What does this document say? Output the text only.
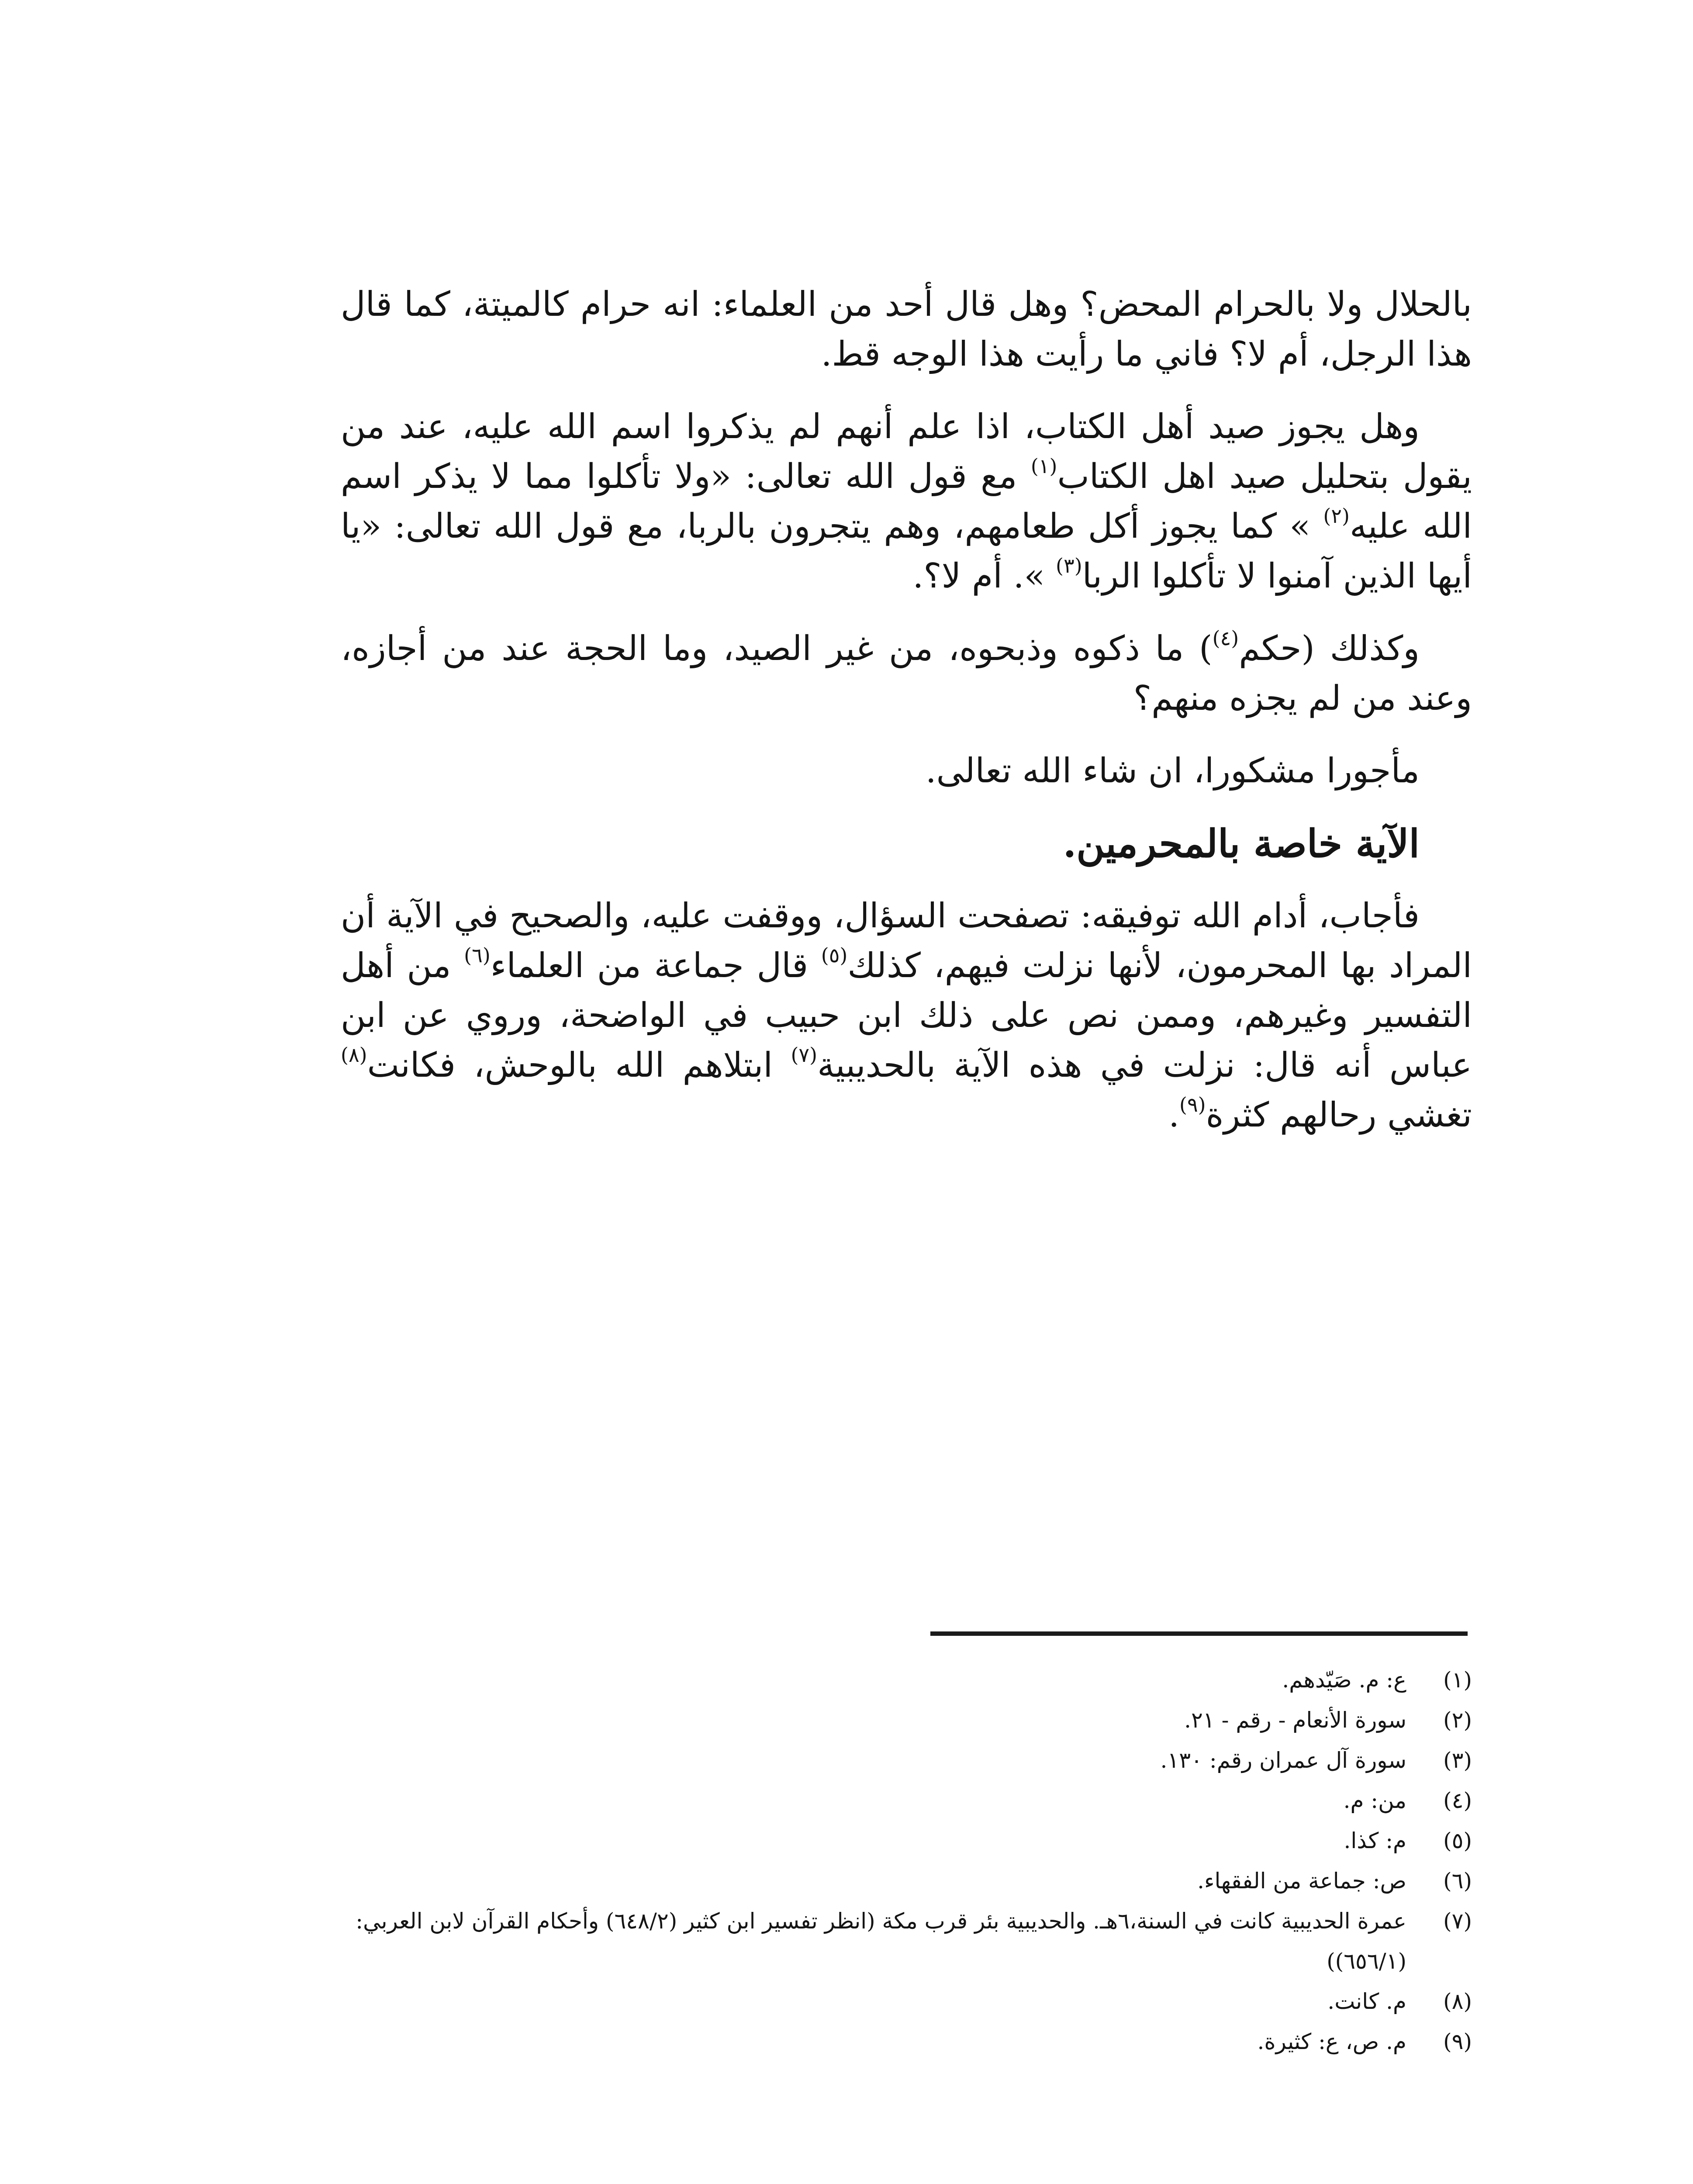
بالحلال ولا بالحرام المحض؟ وهل قال أحد من العلماء: انه حرام كالميتة، كما قال هذا الرجل، أم لا؟ فاني ما رأيت هذا الوجه قط.

وهل يجوز صيد أهل الكتاب، اذا علم أنهم لم يذكروا اسم الله عليه، عند من يقول بتحليل صيد اهل الكتاب$^{(١)}$ مع قول الله تعالى: «ولا تأكلوا مما لا يذكر اسم الله عليه$^{(٢)}$ » كما يجوز أكل طعامهم، وهم يتجرون بالربا، مع قول الله تعالى: «يا أيها الذين آمنوا لا تأكلوا الربا$^{(٣)}$ ». أم لا؟.

وكذلك (حكم$^{(٤)}$) ما ذكوه وذبحوه، من غير الصيد، وما الحجة عند من أجازه، وعند من لم يجزه منهم؟

مأجورا مشكورا، ان شاء الله تعالى.

الآية خاصة بالمحرمين.

فأجاب، أدام الله توفيقه: تصفحت السؤال، ووقفت عليه، والصحيح في الآية أن المراد بها المحرمون، لأنها نزلت فيهم، كذلك$^{(٥)}$ قال جماعة من العلماء$^{(٦)}$ من أهل التفسير وغيرهم، وممن نص على ذلك ابن حبيب في الواضحة، وروي عن ابن عباس أنه قال: نزلت في هذه الآية بالحديبية$^{(٧)}$ ابتلاهم الله بالوحش، فكانت$^{(٨)}$ تغشي رحالهم كثرة$^{(٩)}$.

(١)
ع: م. صَيّدهم.
(٢)
سورة الأنعام - رقم - ٢١.
(٣)
سورة آل عمران رقم: ١٣٠.
(٤)
من: م.
(٥)
م: كذا.
(٦)
ص: جماعة من الفقهاء.
(٧)
عمرة الحديبية كانت في السنة،٦هـ. والحديبية بئر قرب مكة (انظر تفسير ابن كثير (٦٤٨/٢) وأحكام القرآن لابن العربي: (٦٥٦/١))
(٨)
م. كانت.
(٩)
م. ص، ع: كثيرة.
